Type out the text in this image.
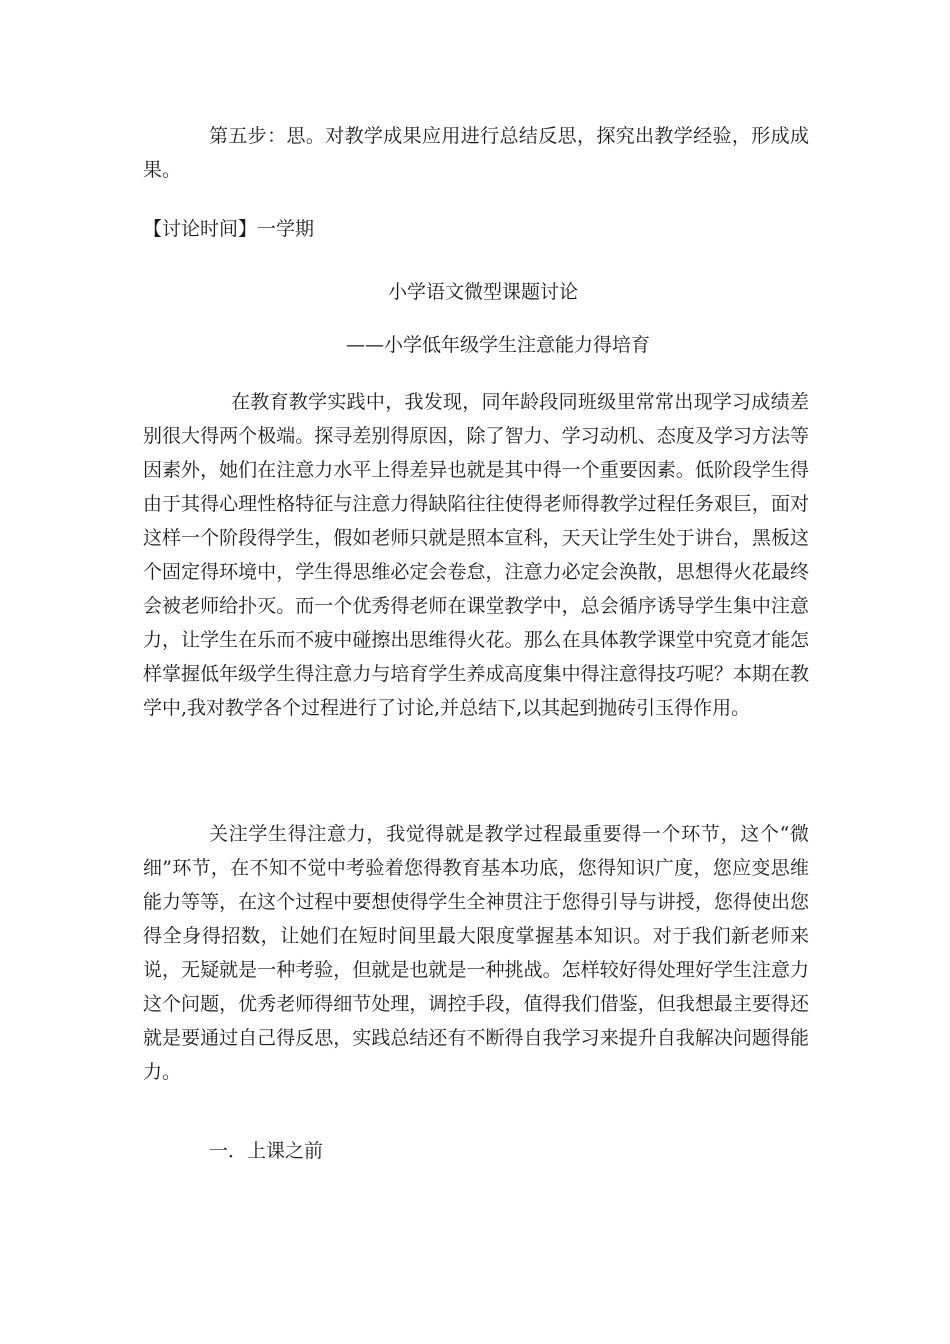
第五步：思。对教学成果应用进行总结反思，探究出教学经验，形成成果。

【讨论时间】一学期

小学语文微型课题讨论

——小学低年级学生注意能力得培育

在教育教学实践中，我发现，同年龄段同班级里常常出现学习成绩差别很大得两个极端。探寻差别得原因，除了智力、学习动机、态度及学习方法等因素外，她们在注意力水平上得差异也就是其中得一个重要因素。低阶段学生得由于其得心理性格特征与注意力得缺陷往往使得老师得教学过程任务艰巨，面对这样一个阶段得学生，假如老师只就是照本宣科，天天让学生处于讲台，黑板这个固定得环境中，学生得思维必定会卷怠，注意力必定会涣散，思想得火花最终会被老师给扑灭。而一个优秀得老师在课堂教学中，总会循序诱导学生集中注意力，让学生在乐而不疲中碰擦出思维得火花。那么在具体教学课堂中究竟才能怎样掌握低年级学生得注意力与培育学生养成高度集中得注意得技巧呢？本期在教学中,我对教学各个过程进行了讨论,并总结下,以其起到抛砖引玉得作用。

关注学生得注意力，我觉得就是教学过程最重要得一个环节，这个“微细”环节，在不知不觉中考验着您得教育基本功底，您得知识广度，您应变思维能力等等，在这个过程中要想使得学生全神贯注于您得引导与讲授，您得使出您得全身得招数，让她们在短时间里最大限度掌握基本知识。对于我们新老师来说，无疑就是一种考验，但就是也就是一种挑战。怎样较好得处理好学生注意力这个问题，优秀老师得细节处理，调控手段，值得我们借鉴，但我想最主要得还就是要通过自己得反思，实践总结还有不断得自我学习来提升自我解决问题得能力。

一．上课之前
